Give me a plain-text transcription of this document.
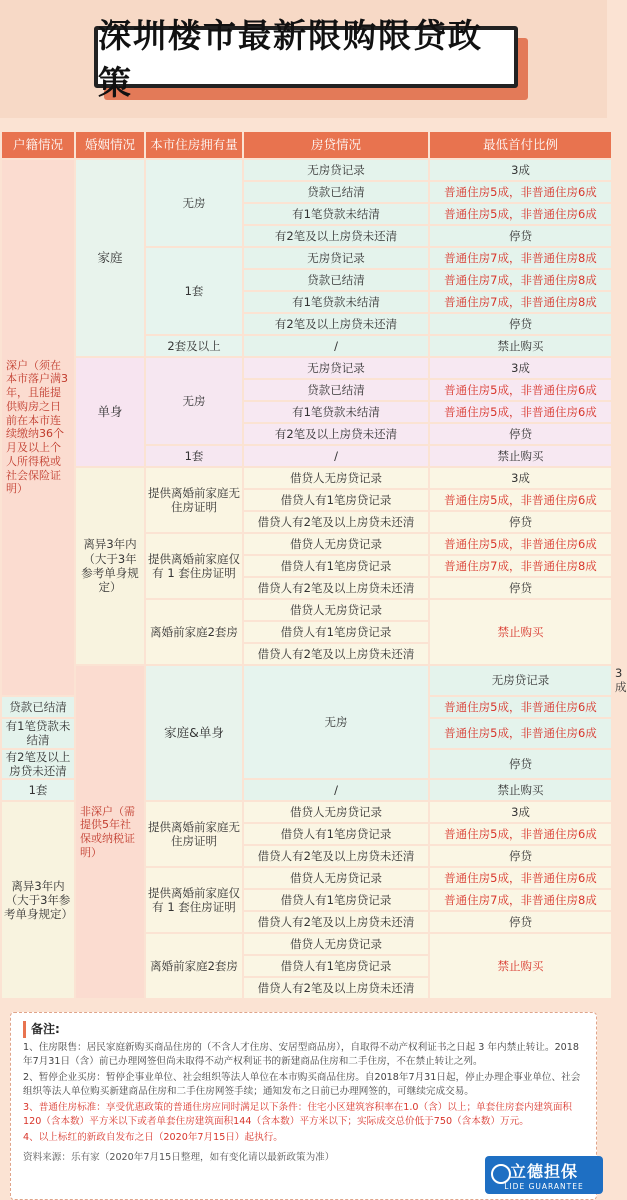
深圳楼市最新限购限贷政策
户籍情况	婚姻情况	本市住房拥有量	房贷情况	最低首付比例	
深户（须在本市落户满3年，且能提供购房之日前在本市连续缴纳36个月及以上个人所得税或社会保险证明）	家庭	无房	无房贷记录	3成	
			贷款已结清	普通住房5成，非普通住房6成	
			有1笔贷款未结清	普通住房5成，非普通住房6成	
			有2笔及以上房贷未还清	停贷	
		1套	无房贷记录	普通住房7成，非普通住房8成	
			贷款已结清	普通住房7成，非普通住房8成	
			有1笔贷款未结清	普通住房7成，非普通住房8成	
			有2笔及以上房贷未还清	停贷	
		2套及以上	/	禁止购买	
	单身	无房	无房贷记录	3成	
			贷款已结清	普通住房5成，非普通住房6成	
			有1笔贷款未结清	普通住房5成，非普通住房6成	
			有2笔及以上房贷未还清	停贷	
		1套	/	禁止购买	
	离异3年内（大于3年参考单身规定）	提供离婚前家庭无住房证明	借贷人无房贷记录	3成	
			借贷人有1笔房贷记录	普通住房5成，非普通住房6成	
			借贷人有2笔及以上房贷未还清	停贷	
		提供离婚前家庭仅有 1 套住房证明	借贷人无房贷记录	普通住房5成，非普通住房6成	
			借贷人有1笔房贷记录	普通住房7成，非普通住房8成	
			借贷人有2笔及以上房贷未还清	停贷	
		离婚前家庭2套房	借贷人无房贷记录	禁止购买	
			借贷人有1笔房贷记录		
			借贷人有2笔及以上房贷未还清		
	非深户（需提供5年社保或纳税证明）	家庭&单身	无房	无房贷记录	3成
贷款已结清				普通住房5成，非普通住房6成	
有1笔贷款未结清				普通住房5成，非普通住房6成	
有2笔及以上房贷未还清				停贷	
1套			/	禁止购买	
离异3年内（大于3年参考单身规定）		提供离婚前家庭无住房证明	借贷人无房贷记录	3成	
			借贷人有1笔房贷记录	普通住房5成，非普通住房6成	
			借贷人有2笔及以上房贷未还清	停贷	
		提供离婚前家庭仅有 1 套住房证明	借贷人无房贷记录	普通住房5成，非普通住房6成	
			借贷人有1笔房贷记录	普通住房7成，非普通住房8成	
			借贷人有2笔及以上房贷未还清	停贷	
		离婚前家庭2套房	借贷人无房贷记录	禁止购买	
			借贷人有1笔房贷记录		
			借贷人有2笔及以上房贷未还清		
备注:

1、住房限售：居民家庭新购买商品住房的（不含人才住房、安居型商品房），自取得不动产权利证书之日起 3 年内禁止转让。2018年7月31日（含）前已办理网签但尚未取得不动产权利证书的新建商品住房和二手住房，不在禁止转让之列。

2、暂停企业买房：暂停企事业单位、社会组织等法人单位在本市购买商品住房。自2018年7月31日起，停止办理企事业单位、社会组织等法人单位购买新建商品住房和二手住房网签手续；通知发布之日前已办理网签的，可继续完成交易。

3、普通住房标准：享受优惠政策的普通住房应同时满足以下条件：住宅小区建筑容积率在1.0（含）以上；单套住房套内建筑面积120（含本数）平方米以下或者单套住房建筑面积144（含本数）平方米以下；实际成交总价低于750（含本数）万元。

4、以上标红的新政自发布之日（2020年7月15日）起执行。

资料来源：乐有家（2020年7月15日整理，如有变化请以最新政策为准）

立德担保
LIDE GUARANTEE
